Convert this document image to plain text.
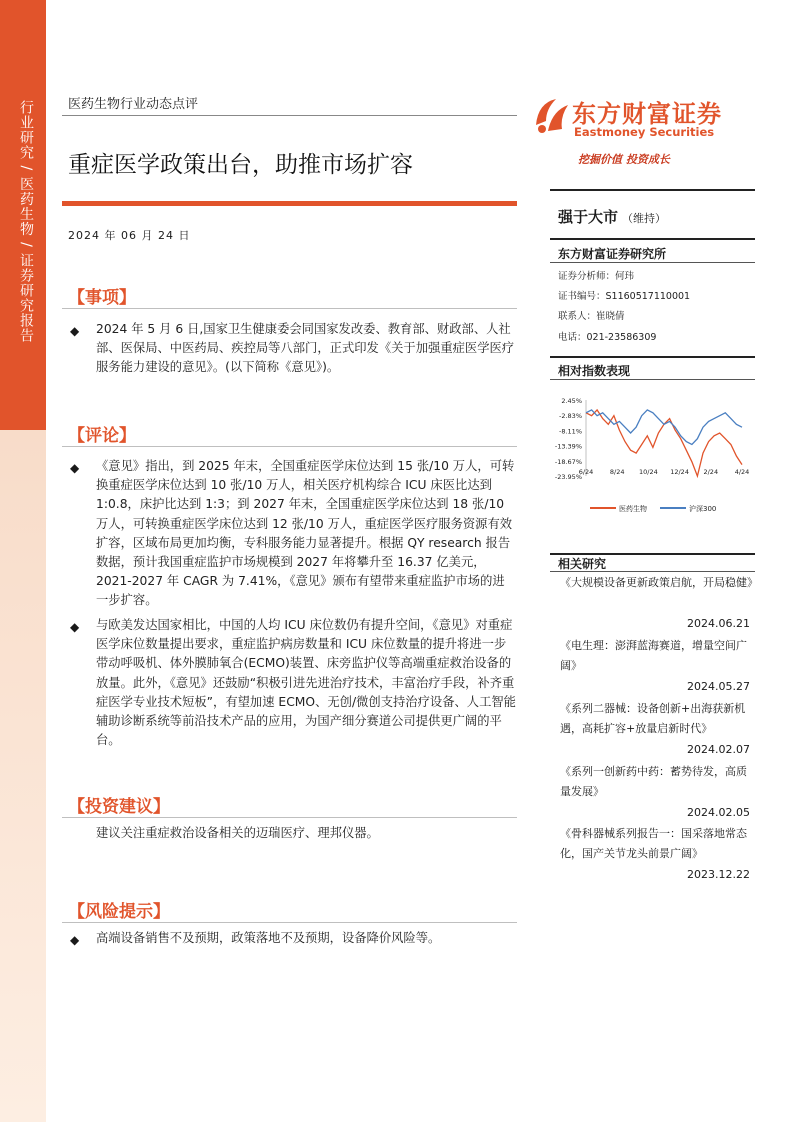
行业研究 / 医药生物 / 证券研究报告	医药生物行业动态点评
重症医学政策出台，助推市场扩容
2024 年 06 月 24 日
东方财富证券
Eastmoney Securities
挖掘价值 投资成长
【事项】
◆ 2024 年 5 月 6 日,国家卫生健康委会同国家发改委、教育部、财政部、人社部、医保局、中医药局、疾控局等八部门，正式印发《关于加强重症医学医疗服务能力建设的意见》。(以下简称《意见》)。
【评论】
◆ 《意见》指出，到 2025 年末，全国重症医学床位达到 15 张/10 万人，可转换重症医学床位达到 10 张/10 万人，相关医疗机构综合 ICU 床医比达到 1:0.8，床护比达到 1:3；到 2027 年末，全国重症医学床位达到 18 张/10 万人，可转换重症医学床位达到 12 张/10 万人，重症医学医疗服务资源有效扩容，区域布局更加均衡，专科服务能力显著提升。根据 QY research 报告数据，预计我国重症监护市场规模到 2027 年将攀升至 16.37 亿美元，2021-2027 年 CAGR 为 7.41%，《意见》颁布有望带来重症监护市场的进一步扩容。
◆ 与欧美发达国家相比，中国的人均 ICU 床位数仍有提升空间，《意见》对重症医学床位数量提出要求，重症监护病房数量和 ICU 床位数量的提升将进一步带动呼吸机、体外膜肺氧合(ECMO)装置、床旁监护仪等高端重症救治设备的放量。此外，《意见》还鼓励“积极引进先进治疗技术，丰富治疗手段，补齐重症医学专业技术短板”，有望加速 ECMO、无创/微创支持治疗设备、人工智能辅助诊断系统等前沿技术产品的应用，为国产细分赛道公司提供更广阔的平台。
【投资建议】
建议关注重症救治设备相关的迈瑞医疗、理邦仪器。
【风险提示】
◆ 高端设备销售不及预期，政策落地不及预期，设备降价风险等。
强于大市 （维持）
东方财富证券研究所
证券分析师：何玮
证书编号：S1160517110001
联系人：崔晓倩
电话：021-23586309
相对指数表现
2.45%
-2.83%
-8.11%
-13.39%
-18.67%
-23.95%
6/24	8/24 10/24 12/24 2/24	4/24
医药生物	沪深300
相关研究
《大规模设备更新政策启航，开局稳健》
2024.06.21
《电生理：澎湃蓝海赛道，增量空间广阔》
2024.05.27
《系列二器械：设备创新+出海获新机遇，高耗扩容+放量启新时代》
2024.02.07
《系列一创新药中药：蓄势待发，高质量发展》
2024.02.05
《骨科器械系列报告一：国采落地常态化，国产关节龙头前景广阔》
2023.12.22
